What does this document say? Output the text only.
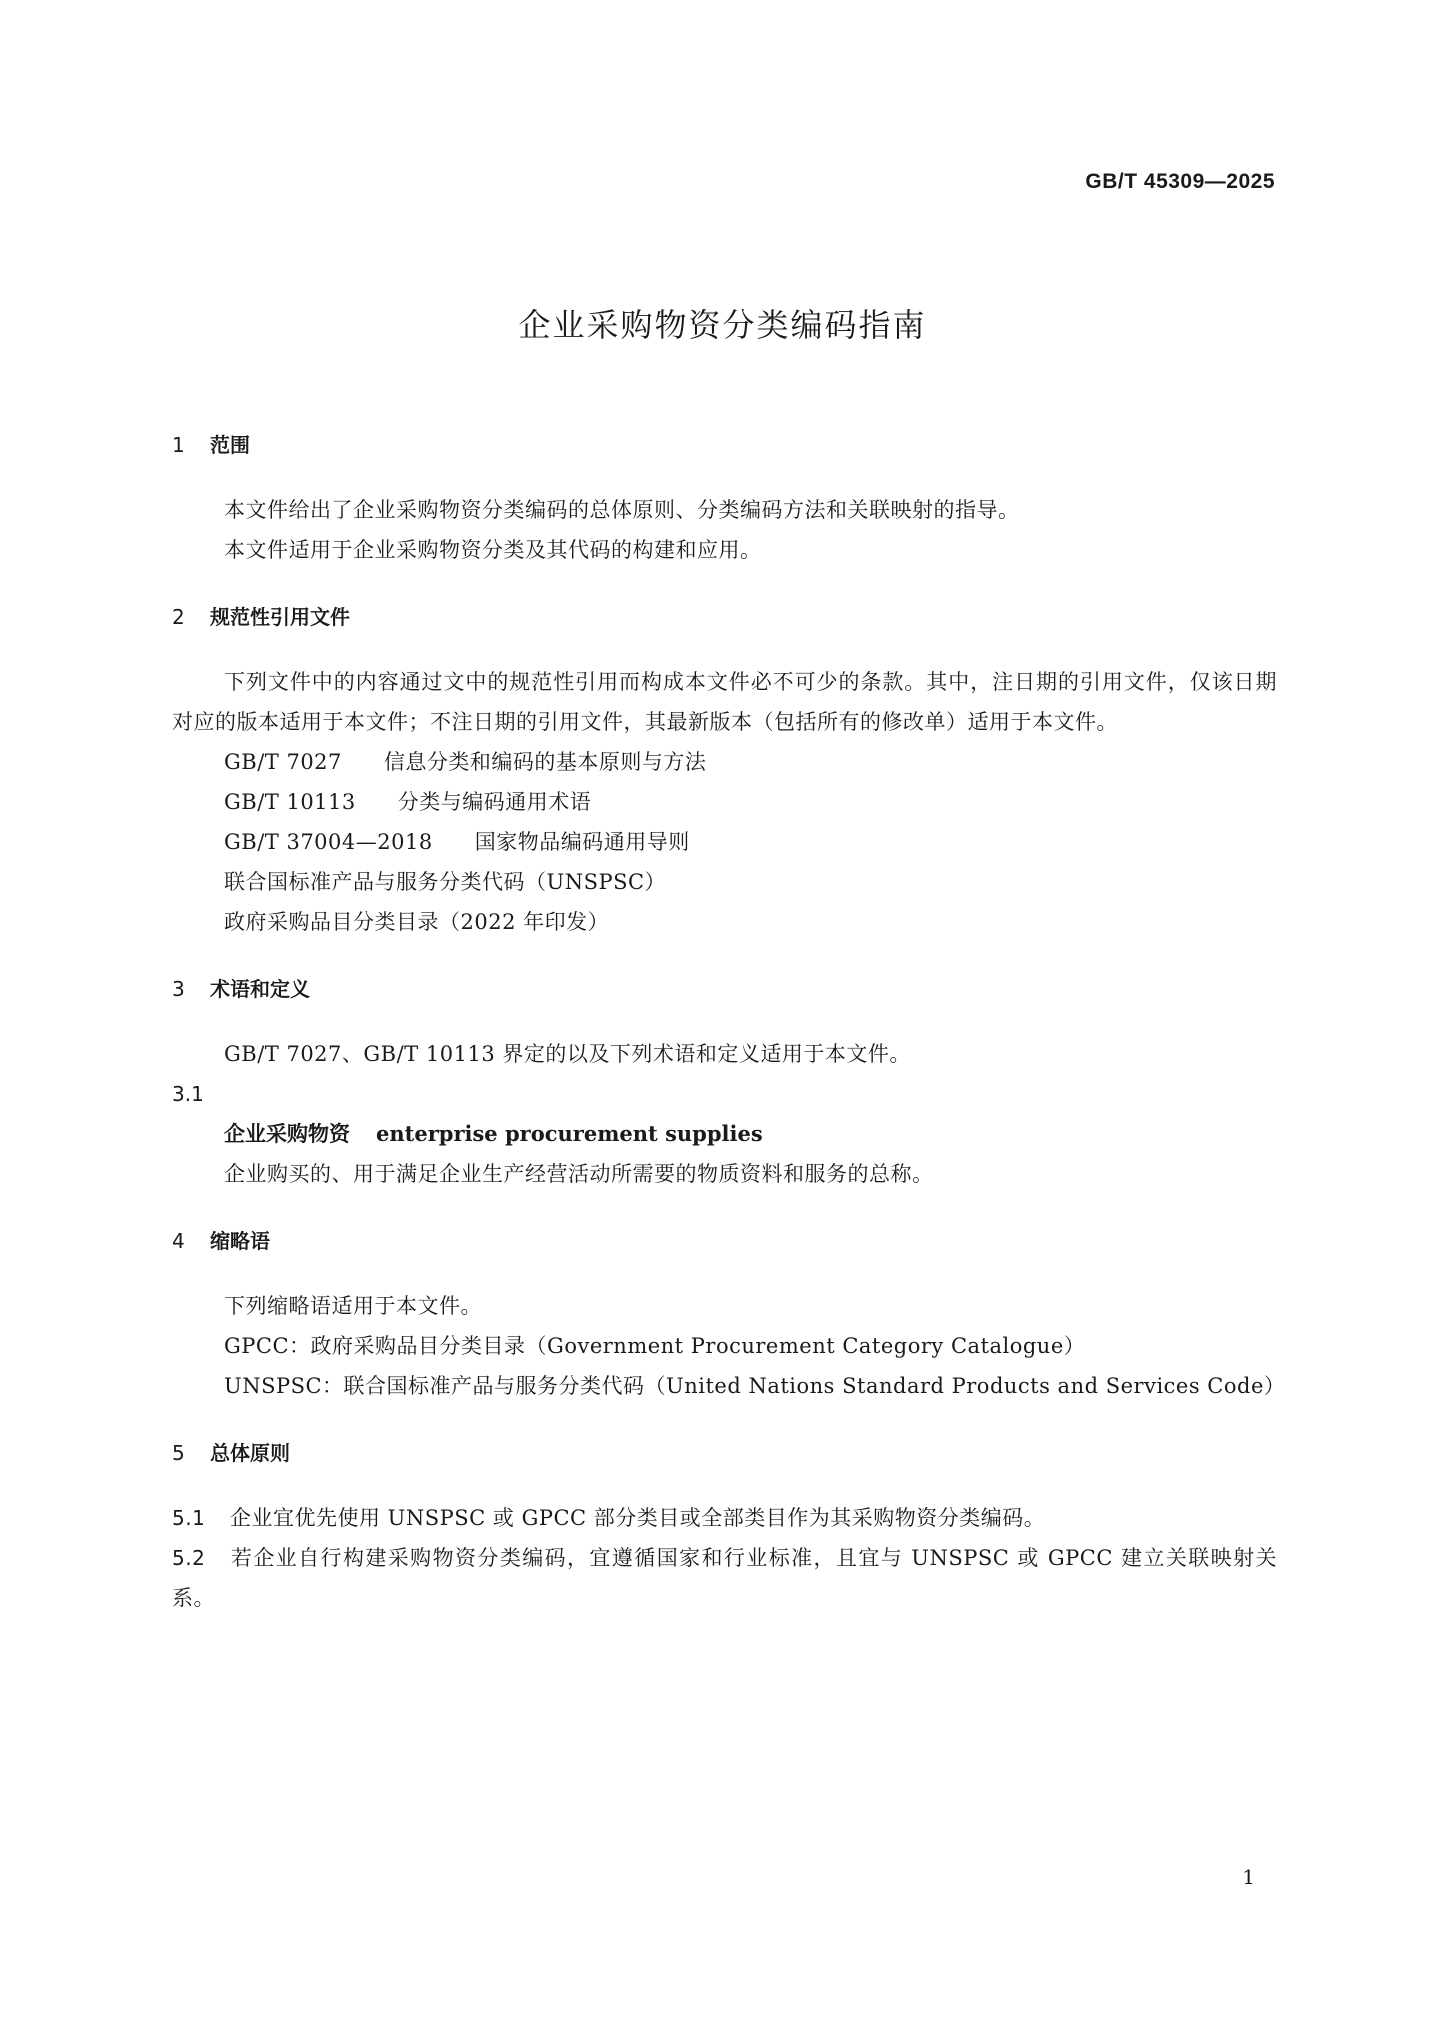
GB/T 45309—2025
企业采购物资分类编码指南
1 范围

本文件给出了企业采购物资分类编码的总体原则、分类编码方法和关联映射的指导。

本文件适用于企业采购物资分类及其代码的构建和应用。

2 规范性引用文件

下列文件中的内容通过文中的规范性引用而构成本文件必不可少的条款。其中，注日期的引用文件，仅该日期对应的版本适用于本文件；不注日期的引用文件，其最新版本（包括所有的修改单）适用于本文件。

GB/T 7027 信息分类和编码的基本原则与方法

GB/T 10113 分类与编码通用术语

GB/T 37004—2018 国家物品编码通用导则

联合国标准产品与服务分类代码（UNSPSC）

政府采购品目分类目录（2022 年印发）

3 术语和定义

GB/T 7027、GB/T 10113 界定的以及下列术语和定义适用于本文件。

3.1

企业采购物资 enterprise procurement supplies

企业购买的、用于满足企业生产经营活动所需要的物质资料和服务的总称。

4 缩略语

下列缩略语适用于本文件。

GPCC：政府采购品目分类目录（Government Procurement Category Catalogue）

UNSPSC：联合国标准产品与服务分类代码（United Nations Standard Products and Services Code）

5 总体原则

5.1 企业宜优先使用 UNSPSC 或 GPCC 部分类目或全部类目作为其采购物资分类编码。

5.2 若企业自行构建采购物资分类编码，宜遵循国家和行业标准，且宜与 UNSPSC 或 GPCC 建立关联映射关系。

1
